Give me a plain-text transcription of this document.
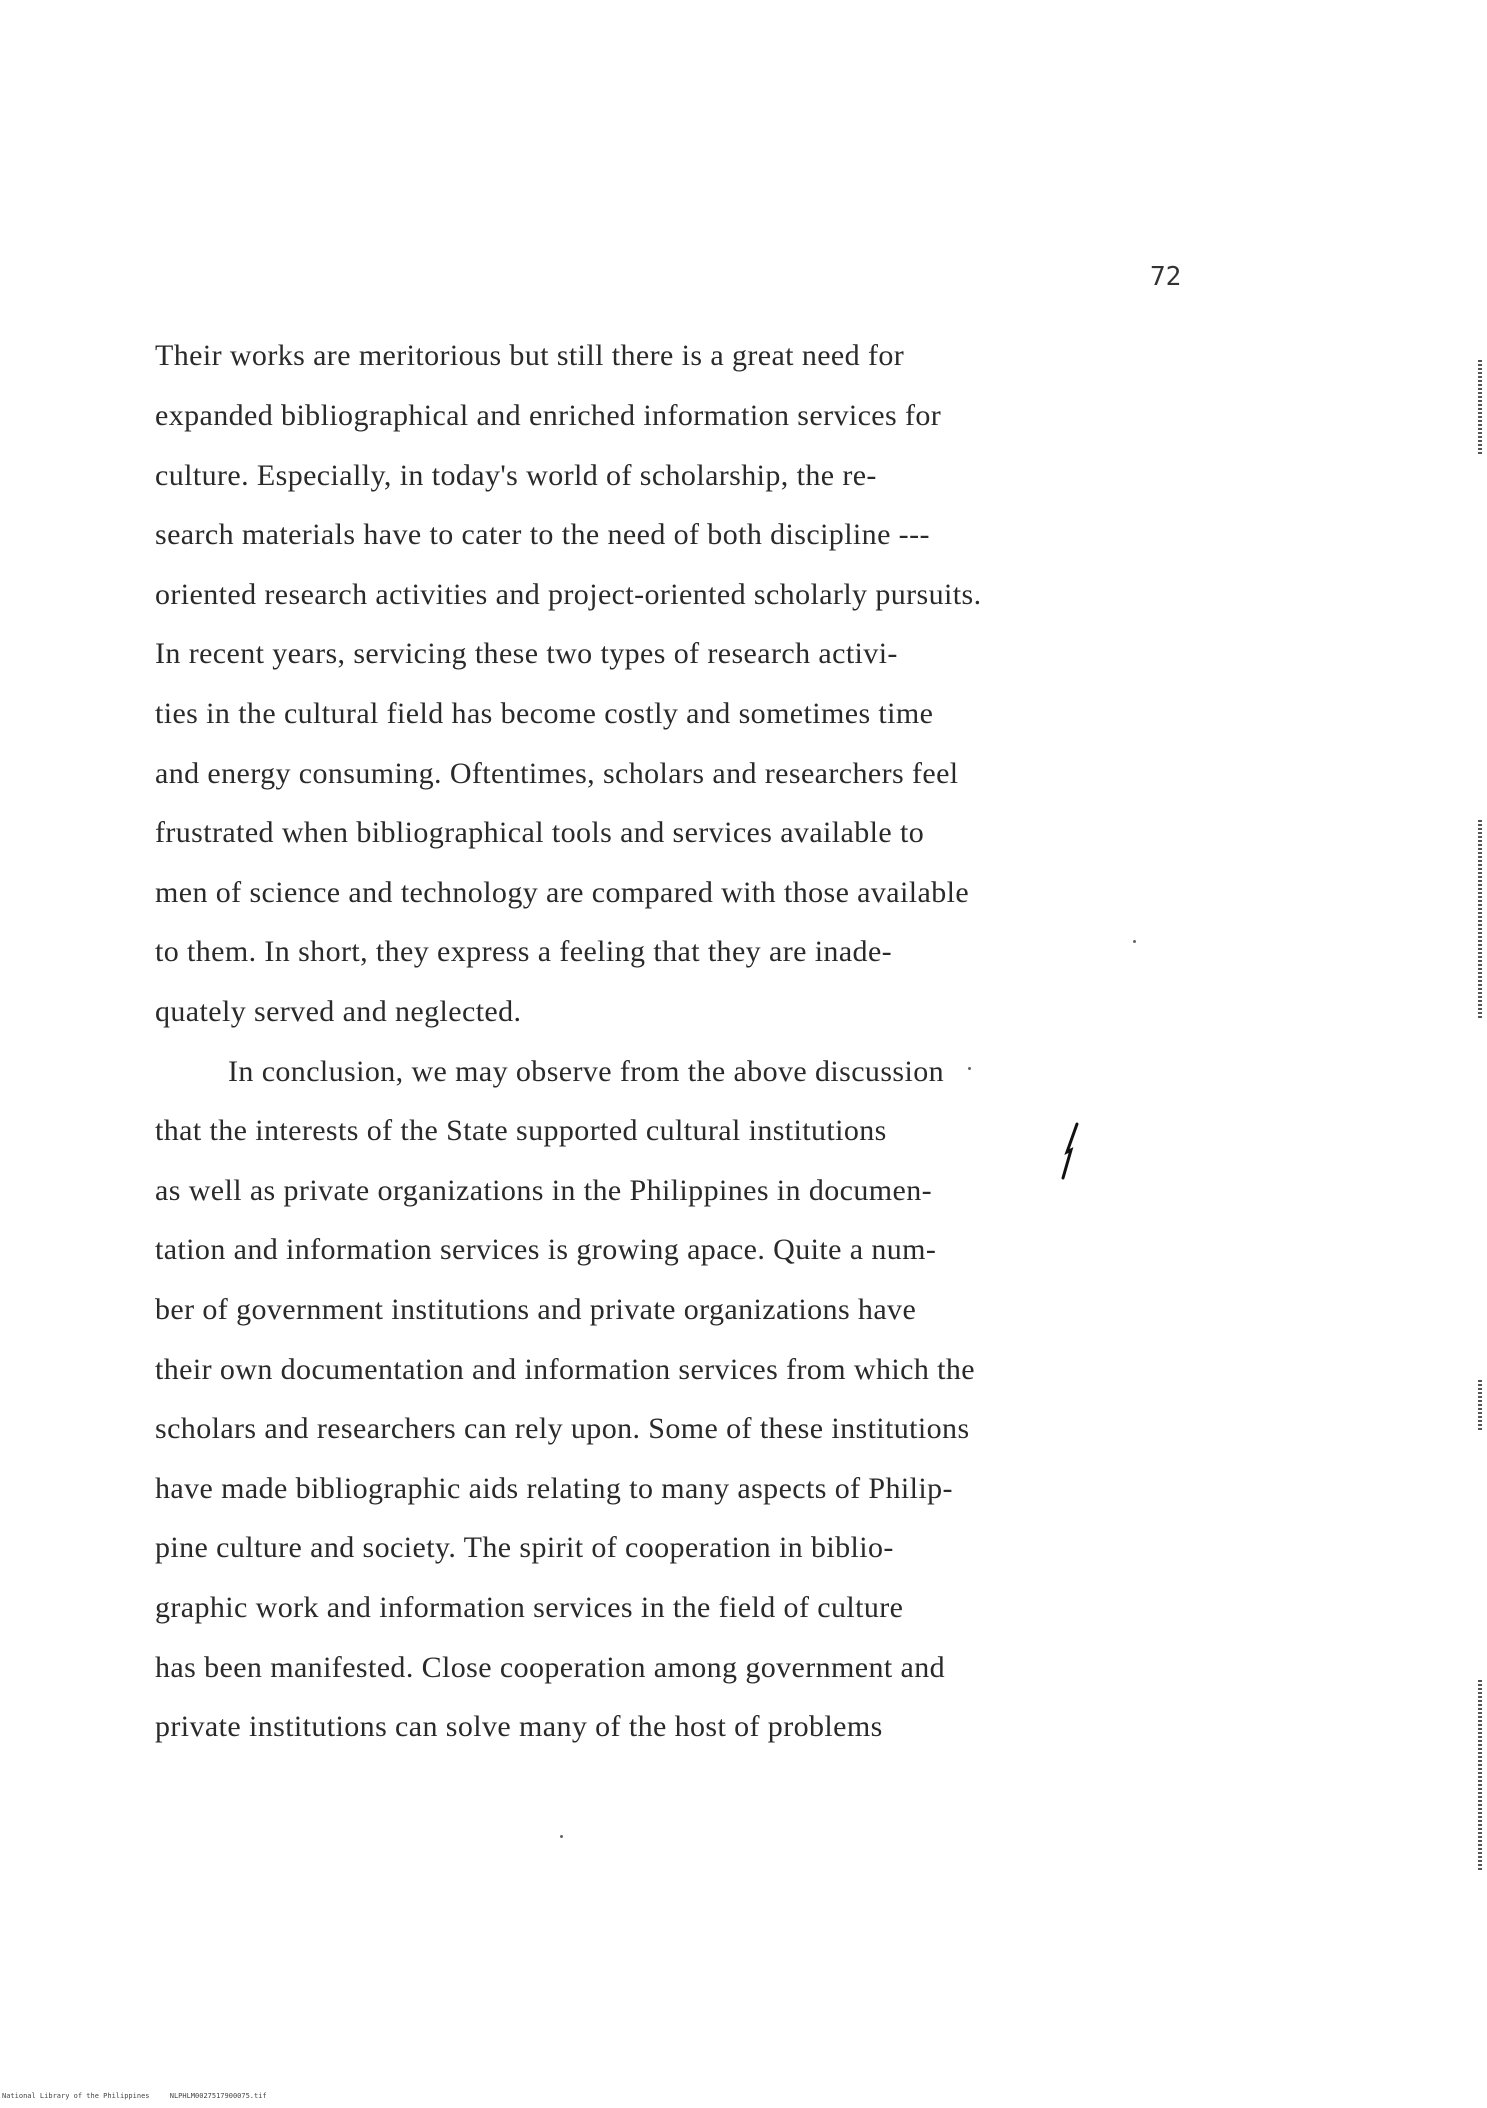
72
Their works are meritorious but still there is a great need for
expanded bibliographical and enriched information services for
culture. Especially, in today's world of scholarship, the re-
search materials have to cater to the need of both discipline ---
oriented research activities and project-oriented scholarly pursuits.
In recent years, servicing these two types of research activi-
ties in the cultural field has become costly and sometimes time
and energy consuming. Oftentimes, scholars and researchers feel
frustrated when bibliographical tools and services available to
men of science and technology are compared with those available
to them. In short, they express a feeling that they are inade-
quately served and neglected.
In conclusion, we may observe from the above discussion
that the interests of the State supported cultural institutions
as well as private organizations in the Philippines in documen-
tation and information services is growing apace. Quite a num-
ber of government institutions and private organizations have
their own documentation and information services from which the
scholars and researchers can rely upon. Some of these institutions
have made bibliographic aids relating to many aspects of Philip-
pine culture and society. The spirit of cooperation in biblio-
graphic work and information services in the field of culture
has been manifested. Close cooperation among government and
private institutions can solve many of the host of problems
National Library of the Philippines	NLPHLM0027517900075.tif
